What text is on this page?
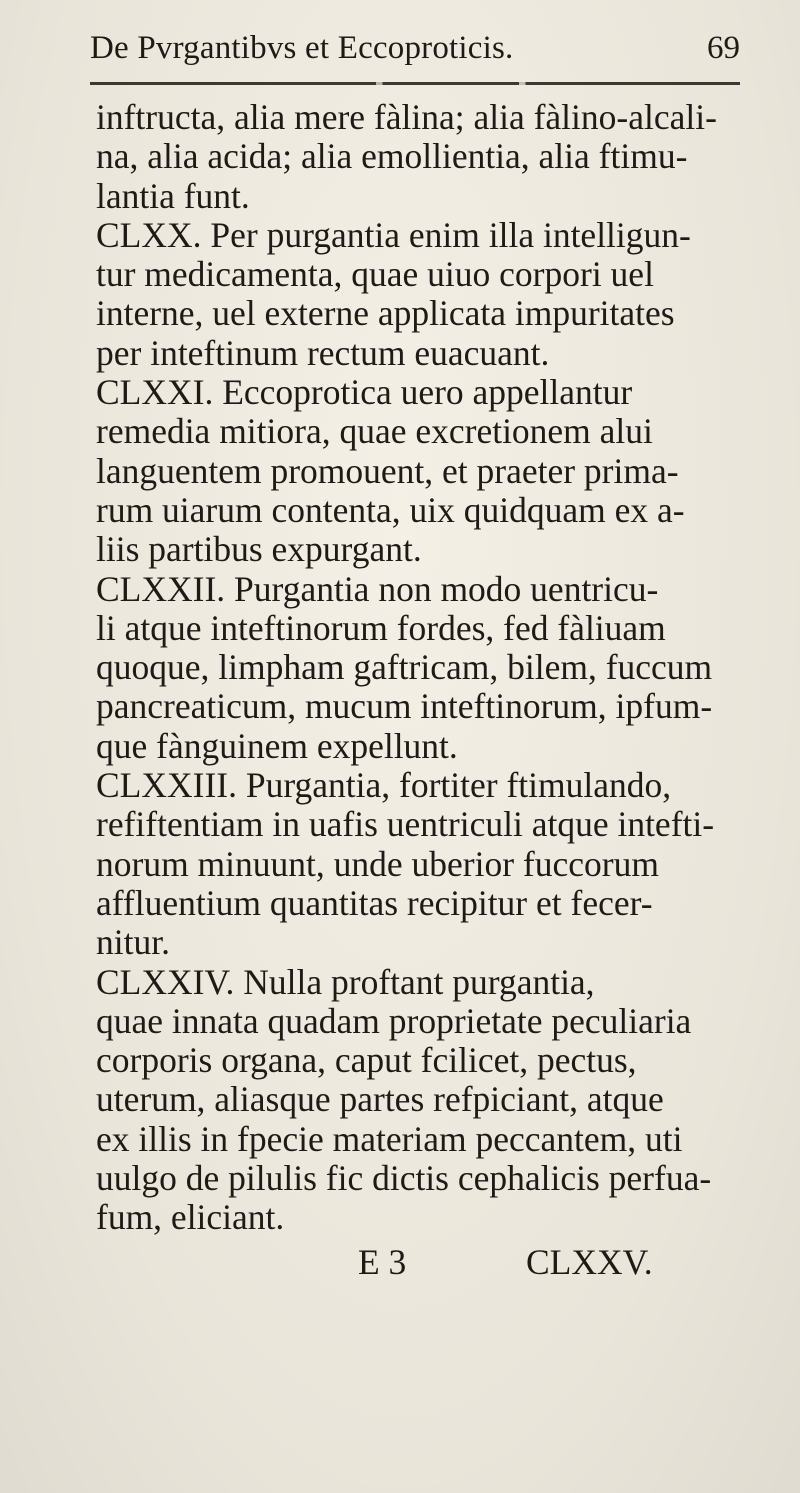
De Pvrgantibvs et Eccoproticis.	69
inftructa, alia mere fàlina; alia fàlino-alcali-
na, alia acida; alia emollientia, alia ftimu-
lantia funt.
CLXX. Per purgantia enim illa intelligun-
tur medicamenta, quae uiuo corpori uel
interne, uel externe applicata impuritates
per inteftinum rectum euacuant.
CLXXI. Eccoprotica uero appellantur
remedia mitiora, quae excretionem alui
languentem promouent, et praeter prima-
rum uiarum contenta, uix quidquam ex a-
liis partibus expurgant.
CLXXII. Purgantia non modo uentricu-
li atque inteftinorum fordes, fed fàliuam
quoque, limpham gaftricam, bilem, fuccum
pancreaticum, mucum inteftinorum, ipfum-
que fànguinem expellunt.
CLXXIII. Purgantia, fortiter ftimulando,
refiftentiam in uafis uentriculi atque intefti-
norum minuunt, unde uberior fuccorum
affluentium quantitas recipitur et fecer-
nitur.
CLXXIV. Nulla proftant purgantia,
quae innata quadam proprietate peculiaria
corporis organa, caput fcilicet, pectus,
uterum, aliasque partes refpiciant, atque
ex illis in fpecie materiam peccantem, uti
uulgo de pilulis fic dictis cephalicis perfua-
fum, eliciant.
E 3	CLXXV.
